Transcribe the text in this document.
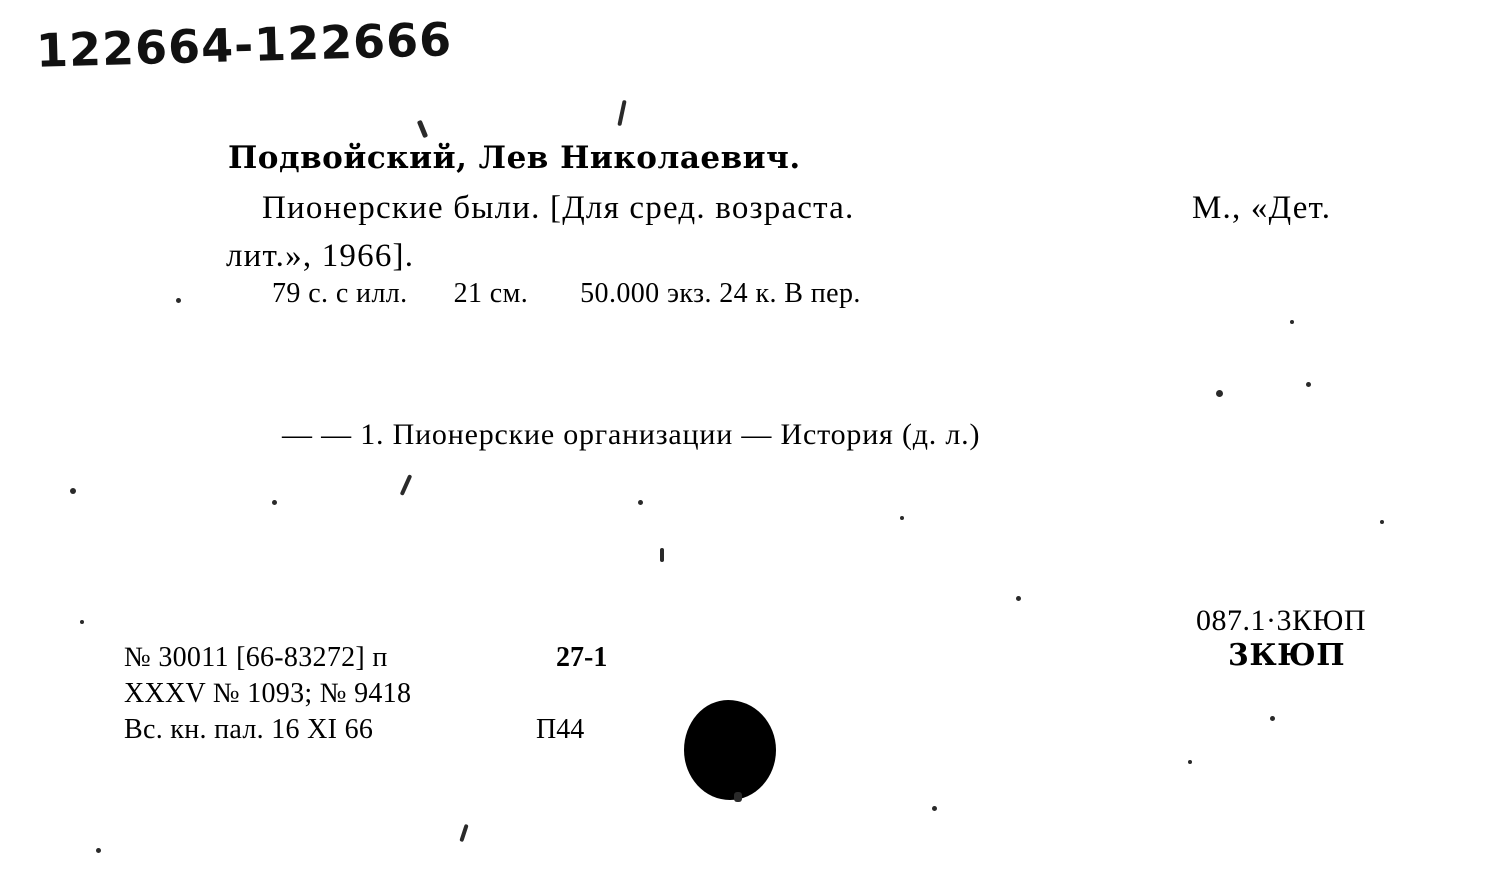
122664-122666
Подвойский, Лев Николаевич.
Пионерские были. [Для сред. возраста.	М., «Дет.
лит.», 1966].
79 с. с илл. 21 см. 50.000 экз. 24 к. В пер.
— — 1. Пионерские организации — История (д. л.)
087.1·3КЮП
3КЮП
№ 30011 [66-83272] п	27-1
XXXV № 1093; № 9418
Вс. кн. пал. 16 XI 66	П44
